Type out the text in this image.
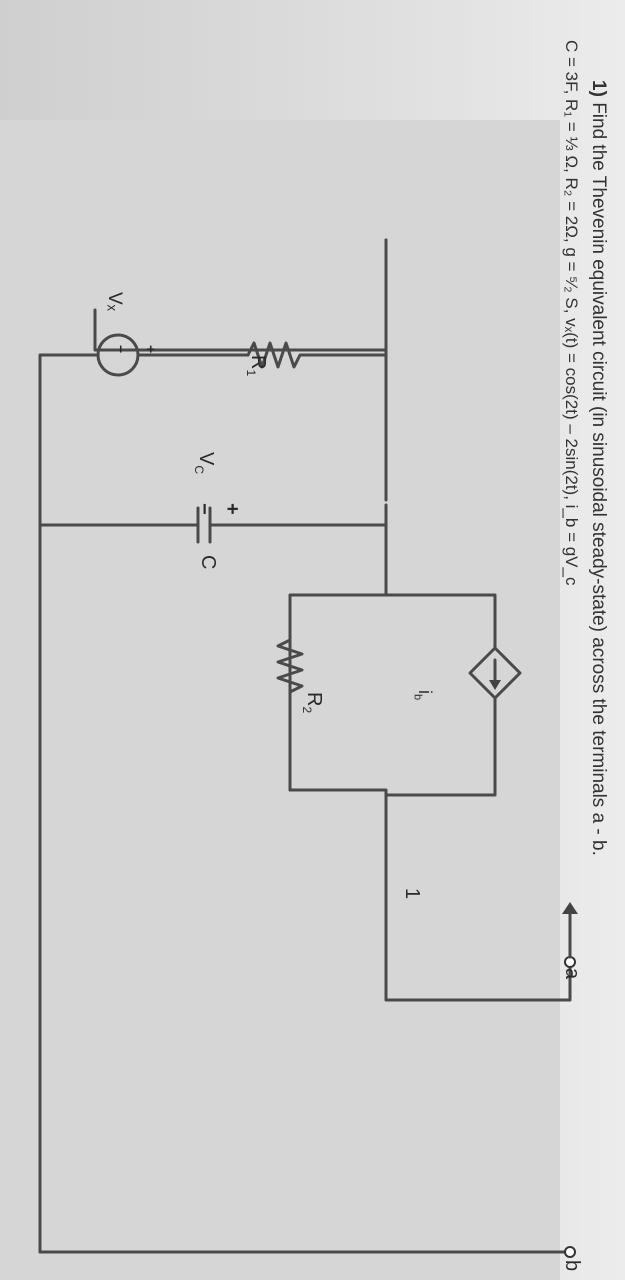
1) Find the Thevenin equivalent circuit (in sinusoidal steady-state) across the terminals a - b.
C = 3F, R₁ = ⅓ Ω, R₂ = 2Ω, g = ⁵⁄₂ S, vₓ(t) = cos(2t) – 2sin(2t), i_b = gV_c
Vₓ
+
−
$R_1$
$V_C$
+
−
C
$i_b$
$R_2$
1
a
b
